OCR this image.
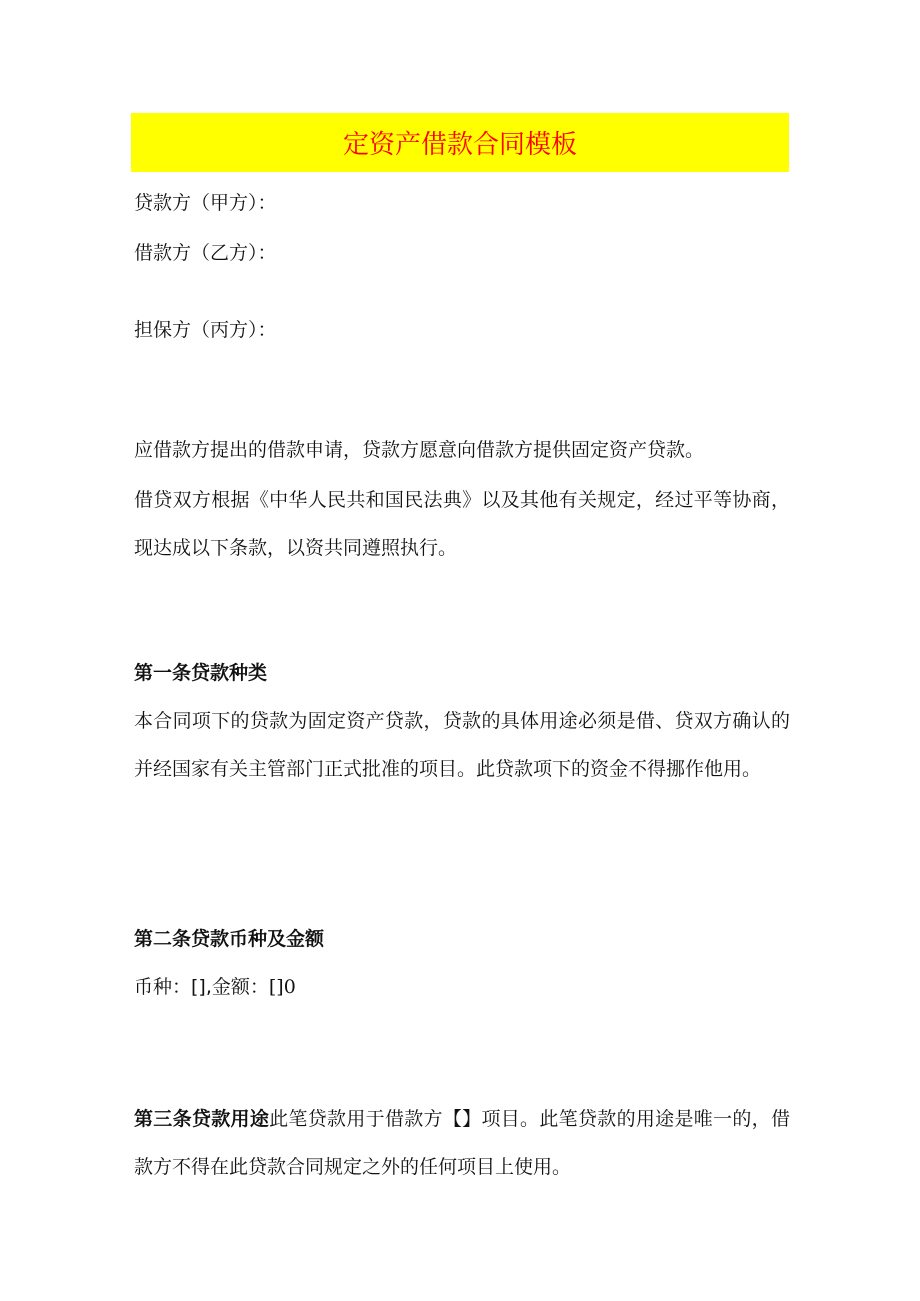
定资产借款合同模板
贷款方（甲方）：
借款方（乙方）：
担保方（丙方）：
应借款方提出的借款申请，贷款方愿意向借款方提供固定资产贷款。
借贷双方根据《中华人民共和国民法典》以及其他有关规定，经过平等协商，现达成以下条款，以资共同遵照执行。
第一条贷款种类
本合同项下的贷款为固定资产贷款，贷款的具体用途必须是借、贷双方确认的并经国家有关主管部门正式批准的项目。此贷款项下的资金不得挪作他用。
第二条贷款币种及金额
币种：[],金额：[]0
第三条贷款用途此笔贷款用于借款方【】项目。此笔贷款的用途是唯一的，借款方不得在此贷款合同规定之外的任何项目上使用。
